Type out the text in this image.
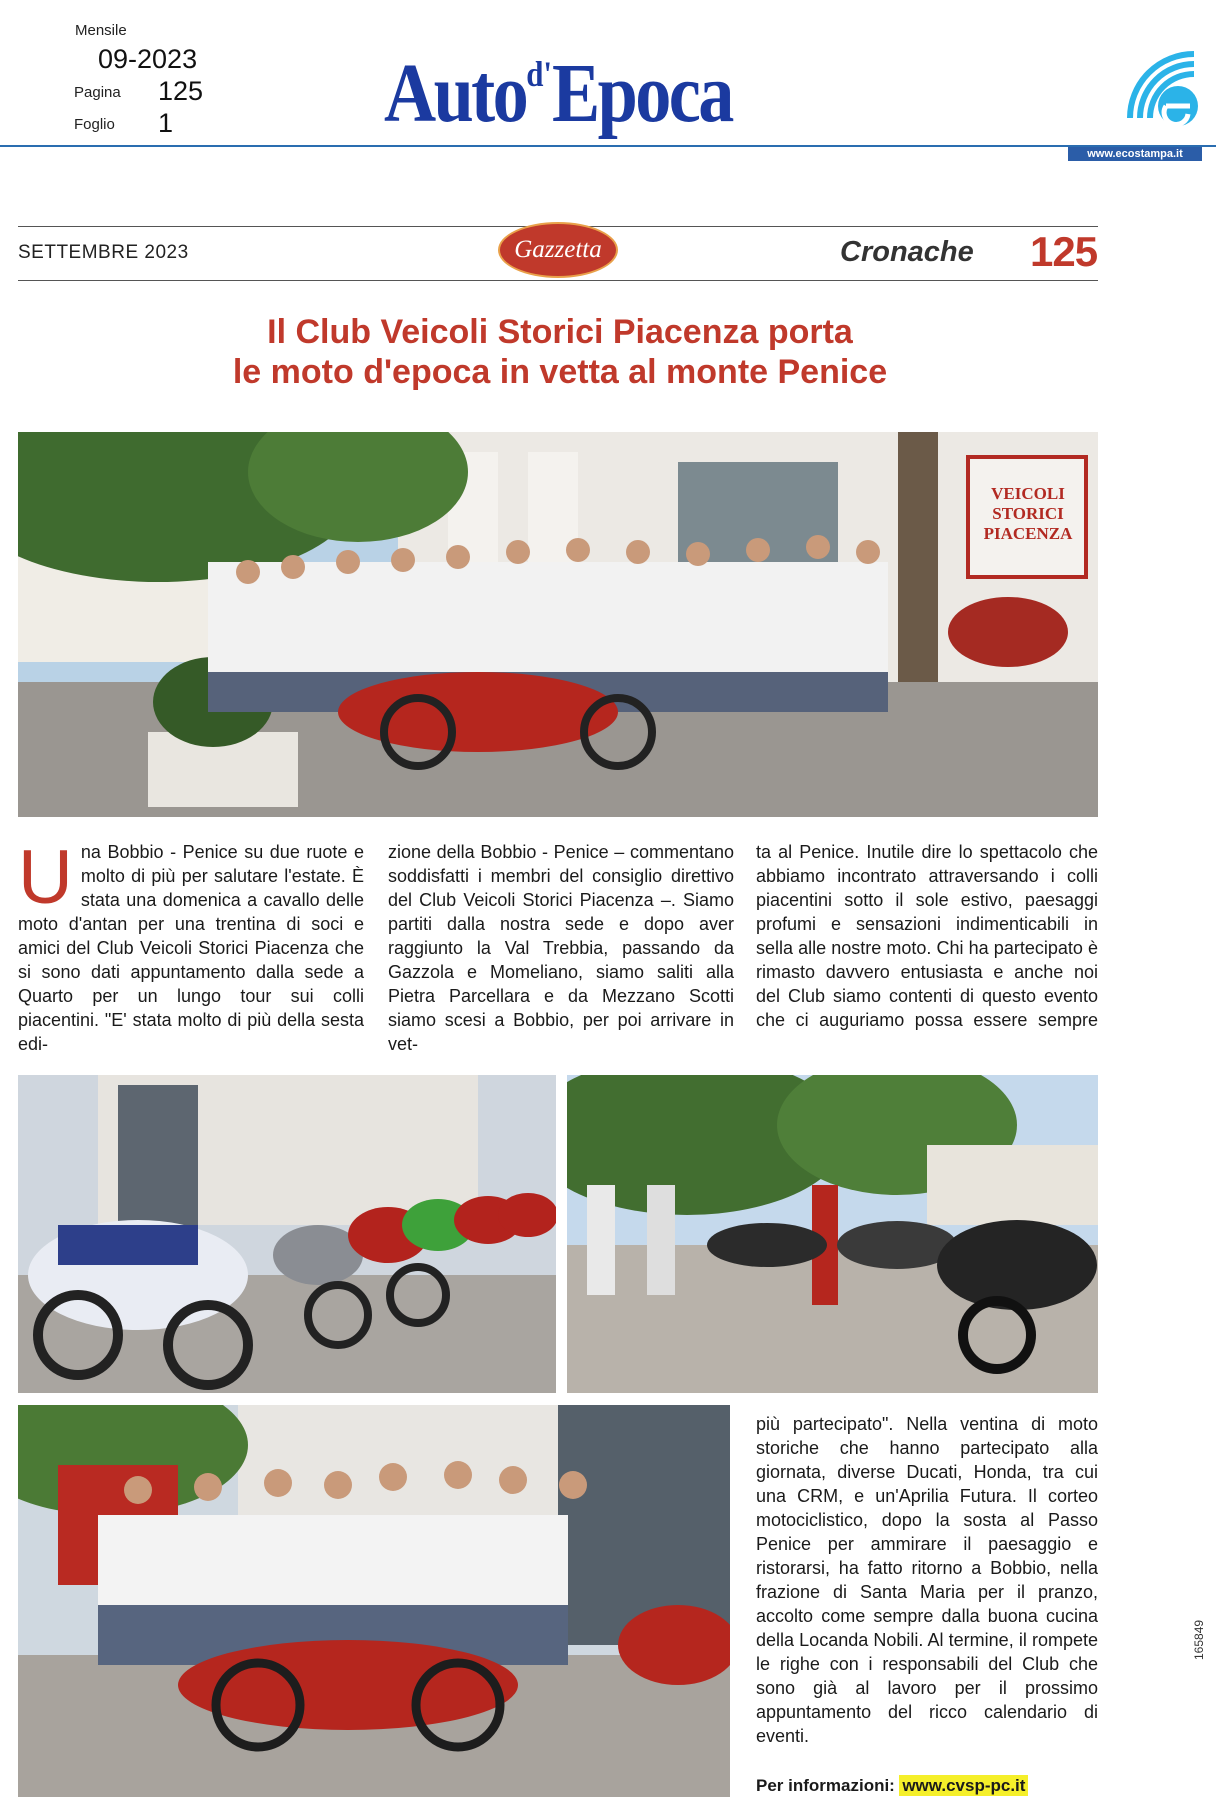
Mensile
09-2023
Pagina 125
Foglio 1	Auto$^{d'}$Epoca
www.ecostampa.it
SETTEMBRE 2023	Gazzetta	Cronache 125
Il Club Veicoli Storici Piacenza porta
le moto d'epoca in vetta al monte Penice
VEICOLI
STORICI
PIACENZA
Una Bobbio - Penice su due ruote e molto di più per salutare l'estate. È stata una domenica a cavallo delle moto d'antan per una trentina di soci e amici del Club Veicoli Storici Piacenza che si sono dati appuntamento dalla sede a Quarto per un lungo tour sui colli piacentini. "E' stata molto di più della sesta edi-
zione della Bobbio - Penice – commentano soddisfatti i membri del consiglio direttivo del Club Veicoli Storici Piacenza –. Siamo partiti dalla nostra sede e dopo aver raggiunto la Val Trebbia, passando da Gazzola e Momeliano, siamo saliti alla Pietra Parcellara e da Mezzano Scotti siamo scesi a Bobbio, per poi arrivare in vet-
ta al Penice. Inutile dire lo spettacolo che abbiamo incontrato attraversando i colli piacentini sotto il sole estivo, paesaggi profumi e sensazioni indimenticabili in sella alle nostre moto. Chi ha partecipato è rimasto davvero entusiasta e anche noi del Club siamo contenti di questo evento che ci auguriamo possa essere sempre
più partecipato". Nella ventina di moto storiche che hanno partecipato alla giornata, diverse Ducati, Honda, tra cui una CRM, e un'Aprilia Futura. Il corteo motociclistico, dopo la sosta al Passo Penice per ammirare il paesaggio e ristorarsi, ha fatto ritorno a Bobbio, nella frazione di Santa Maria per il pranzo, accolto come sempre dalla buona cucina della Locanda Nobili. Al termine, il rompete le righe con i responsabili del Club che sono già al lavoro per il prossimo appuntamento del ricco calendario di eventi.
Per informazioni: www.cvsp-pc.it
165849
